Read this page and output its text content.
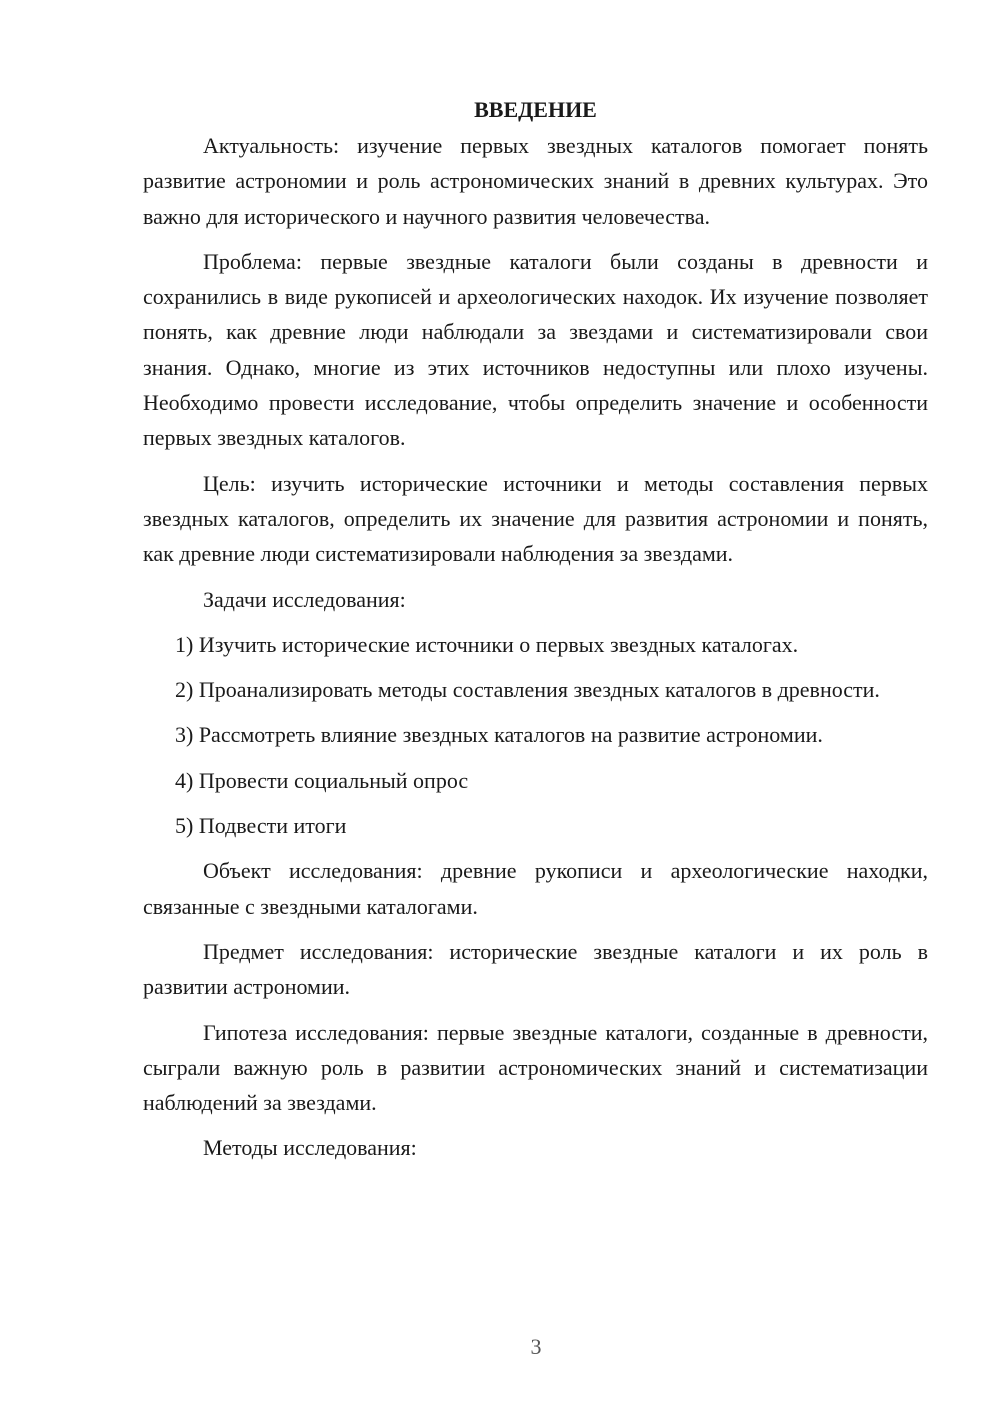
ВВЕДЕНИЕ

Актуальность: изучение первых звездных каталогов помогает понять развитие астрономии и роль астрономических знаний в древних культурах. Это важно для исторического и научного развития человечества.

Проблема: первые звездные каталоги были созданы в древности и сохранились в виде рукописей и археологических находок. Их изучение позволяет понять, как древние люди наблюдали за звездами и систематизировали свои знания. Однако, многие из этих источников недоступны или плохо изучены. Необходимо провести исследование, чтобы определить значение и особенности первых звездных каталогов.

Цель: изучить исторические источники и методы составления первых звездных каталогов, определить их значение для развития астрономии и понять, как древние люди систематизировали наблюдения за звездами.

Задачи исследования:

1) Изучить исторические источники о первых звездных каталогах.

2) Проанализировать методы составления звездных каталогов в древности.

3) Рассмотреть влияние звездных каталогов на развитие астрономии.

4) Провести социальный опрос

5) Подвести итоги

Объект исследования: древние рукописи и археологические находки, связанные с звездными каталогами.

Предмет исследования: исторические звездные каталоги и их роль в развитии астрономии.

Гипотеза исследования: первые звездные каталоги, созданные в древности, сыграли важную роль в развитии астрономических знаний и систематизации наблюдений за звездами.

Методы исследования:

3
